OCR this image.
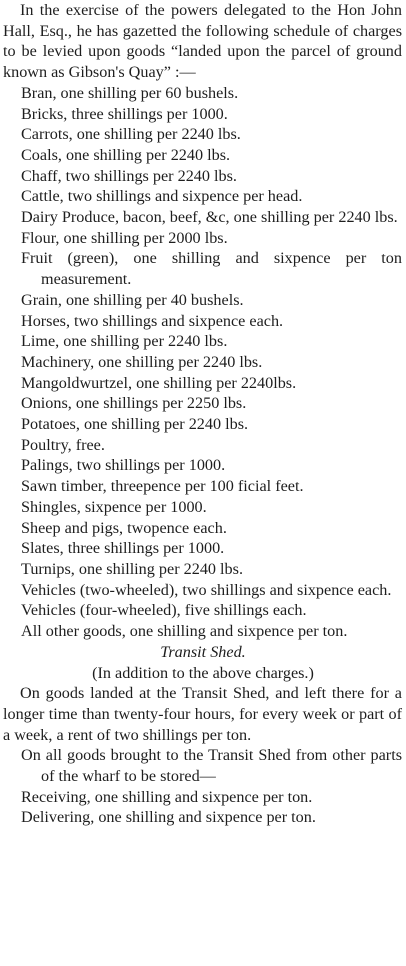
In the exercise of the powers delegated to the Hon John Hall, Esq., he has gazetted the following schedule of charges to be levied upon goods “landed upon the parcel of ground known as Gibson's Quay” :—

Bran, one shilling per 60 bushels.

Bricks, three shillings per 1000.

Carrots, one shilling per 2240 lbs.

Coals, one shilling per 2240 lbs.

Chaff, two shillings per 2240 lbs.

Cattle, two shillings and sixpence per head.

Dairy Produce, bacon, beef, &c, one shilling per 2240 lbs.

Flour, one shilling per 2000 lbs.

Fruit (green), one shilling and sixpence per ton measurement.

Grain, one shilling per 40 bushels.

Horses, two shillings and sixpence each.

Lime, one shilling per 2240 lbs.

Machinery, one shilling per 2240 lbs.

Mangoldwurtzel, one shilling per 2240lbs.

Onions, one shillings per 2250 lbs.

Potatoes, one shilling per 2240 lbs.

Poultry, free.

Palings, two shillings per 1000.

Sawn timber, threepence per 100 ficial feet.

Shingles, sixpence per 1000.

Sheep and pigs, twopence each.

Slates, three shillings per 1000.

Turnips, one shilling per 2240 lbs.

Vehicles (two-wheeled), two shillings and sixpence each.

Vehicles (four-wheeled), five shillings each.

All other goods, one shilling and sixpence per ton.

Transit Shed.

(In addition to the above charges.)

On goods landed at the Transit Shed, and left there for a longer time than twenty-four hours, for every week or part of a week, a rent of two shillings per ton.

On all goods brought to the Transit Shed from other parts of the wharf to be stored—

Receiving, one shilling and sixpence per ton.

Delivering, one shilling and sixpence per ton.
